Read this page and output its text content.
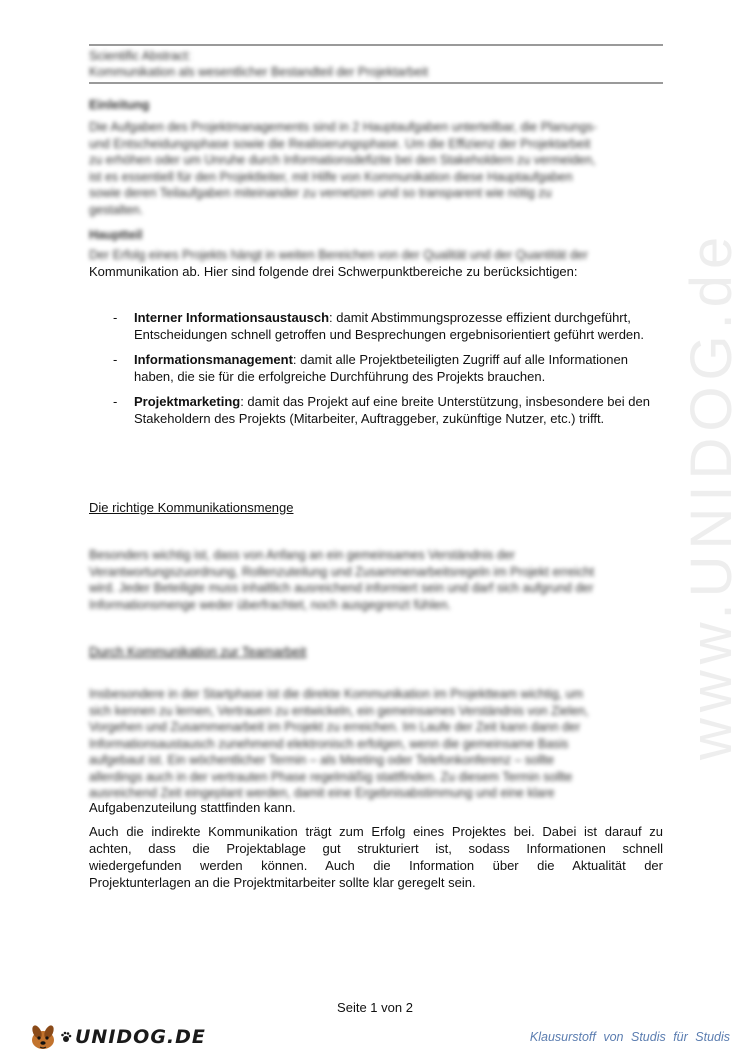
www.UNIDOG.de
Scientific Abstract:
Kommunikation als wesentlicher Bestandteil der Projektarbeit
Einleitung
Die Aufgaben des Projektmanagements sind in 2 Hauptaufgaben unterteilbar, die Planungs-
und Entscheidungsphase sowie die Realisierungsphase. Um die Effizienz der Projektarbeit
zu erhöhen oder um Unruhe durch Informationsdefizite bei den Stakeholdern zu vermeiden,
ist es essentiell für den Projektleiter, mit Hilfe von Kommunikation diese Hauptaufgaben
sowie deren Teilaufgaben miteinander zu vernetzen und so transparent wie nötig zu
gestalten.
Hauptteil
Der Erfolg eines Projekts hängt in weiten Bereichen von der Qualität und der Quantität der
Kommunikation ab. Hier sind folgende drei Schwerpunktbereiche zu berücksichtigen:
- Interner Informationsaustausch: damit Abstimmungsprozesse effizient durchgeführt, Entscheidungen schnell getroffen und Besprechungen ergebnisorientiert geführt werden.
- Informationsmanagement: damit alle Projektbeteiligten Zugriff auf alle Informationen haben, die sie für die erfolgreiche Durchführung des Projekts brauchen.
- Projektmarketing: damit das Projekt auf eine breite Unterstützung, insbesondere bei den Stakeholdern des Projekts (Mitarbeiter, Auftraggeber, zukünftige Nutzer, etc.) trifft.
Die richtige Kommunikationsmenge
Besonders wichtig ist, dass von Anfang an ein gemeinsames Verständnis der
Verantwortungszuordnung, Rollenzuteilung und Zusammenarbeitsregeln im Projekt erreicht
wird. Jeder Beteiligte muss inhaltlich ausreichend informiert sein und darf sich aufgrund der
Informationsmenge weder überfrachtet, noch ausgegrenzt fühlen.
Durch Kommunikation zur Teamarbeit
Insbesondere in der Startphase ist die direkte Kommunikation im Projektteam wichtig, um
sich kennen zu lernen, Vertrauen zu entwickeln, ein gemeinsames Verständnis von Zielen,
Vorgehen und Zusammenarbeit im Projekt zu erreichen. Im Laufe der Zeit kann dann der
Informationsaustausch zunehmend elektronisch erfolgen, wenn die gemeinsame Basis
aufgebaut ist. Ein wöchentlicher Termin – als Meeting oder Telefonkonferenz – sollte
allerdings auch in der vertrauten Phase regelmäßig stattfinden. Zu diesem Termin sollte
ausreichend Zeit eingeplant werden, damit eine Ergebnisabstimmung und eine klare
Aufgabenzuteilung stattfinden kann.
Auch die indirekte Kommunikation trägt zum Erfolg eines Projektes bei. Dabei ist darauf zu
achten, dass die Projektablage gut strukturiert ist, sodass Informationen schnell
wiedergefunden werden können. Auch die Information über die Aktualität der
Projektunterlagen an die Projektmitarbeiter sollte klar geregelt sein.
Seite 1 von 2
UNIDOG.DE	Klausurstoff von Studis für Studis
